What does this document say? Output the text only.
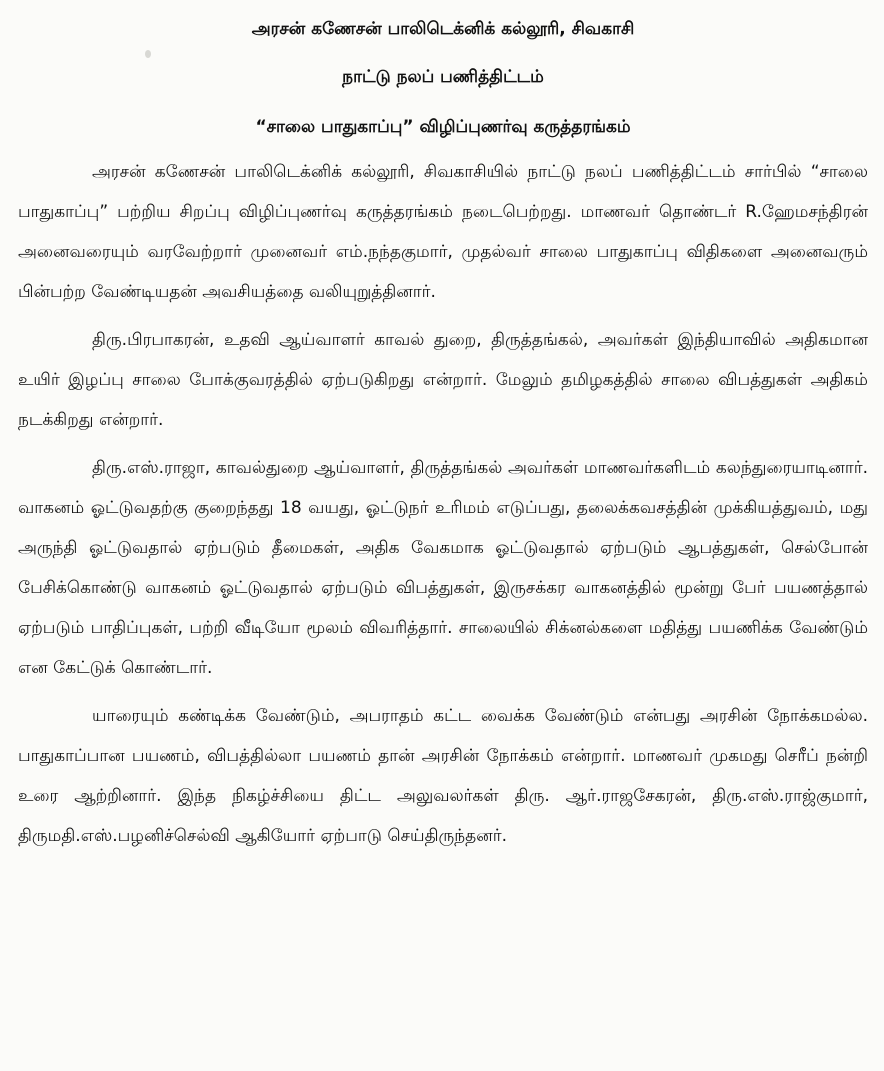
அரசன் கணேசன் பாலிடெக்னிக் கல்லூரி, சிவகாசி

நாட்டு நலப் பணித்திட்டம்

“சாலை பாதுகாப்பு” விழிப்புணர்வு கருத்தரங்கம்

அரசன் கணேசன் பாலிடெக்னிக் கல்லூரி, சிவகாசியில் நாட்டு நலப் பணித்திட்டம் சார்பில் “சாலை பாதுகாப்பு” பற்றிய சிறப்பு விழிப்புணர்வு கருத்தரங்கம் நடைபெற்றது. மாணவர் தொண்டர் R.ஹேமசந்திரன் அனைவரையும் வரவேற்றார் முனைவர் எம்.நந்தகுமார், முதல்வர் சாலை பாதுகாப்பு விதிகளை அனைவரும் பின்பற்ற வேண்டியதன் அவசியத்தை வலியுறுத்தினார்.

திரு.பிரபாகரன், உதவி ஆய்வாளர் காவல் துறை, திருத்தங்கல், அவர்கள் இந்தியாவில் அதிகமான உயிர் இழப்பு சாலை போக்குவரத்தில் ஏற்படுகிறது என்றார். மேலும் தமிழகத்தில் சாலை விபத்துகள் அதிகம் நடக்கிறது என்றார்.

திரு.எஸ்.ராஜா, காவல்துறை ஆய்வாளர், திருத்தங்கல் அவர்கள் மாணவர்களிடம் கலந்துரையாடினார். வாகனம் ஓட்டுவதற்கு குறைந்தது 18 வயது, ஓட்டுநர் உரிமம் எடுப்பது, தலைக்கவசத்தின் முக்கியத்துவம், மது அருந்தி ஓட்டுவதால் ஏற்படும் தீமைகள், அதிக வேகமாக ஓட்டுவதால் ஏற்படும் ஆபத்துகள், செல்போன் பேசிக்கொண்டு வாகனம் ஓட்டுவதால் ஏற்படும் விபத்துகள், இருசக்கர வாகனத்தில் மூன்று பேர் பயணத்தால் ஏற்படும் பாதிப்புகள், பற்றி வீடியோ மூலம் விவரித்தார். சாலையில் சிக்னல்களை மதித்து பயணிக்க வேண்டும் என கேட்டுக் கொண்டார்.

யாரையும் கண்டிக்க வேண்டும், அபராதம் கட்ட வைக்க வேண்டும் என்பது அரசின் நோக்கமல்ல. பாதுகாப்பான பயணம், விபத்தில்லா பயணம் தான் அரசின் நோக்கம் என்றார். மாணவர் முகமது செரீப் நன்றி உரை ஆற்றினார். இந்த நிகழ்ச்சியை திட்ட அலுவலர்கள் திரு. ஆர்.ராஜசேகரன், திரு.எஸ்.ராஜ்குமார், திருமதி.எஸ்.பழனிச்செல்வி ஆகியோர் ஏற்பாடு செய்திருந்தனர்.
